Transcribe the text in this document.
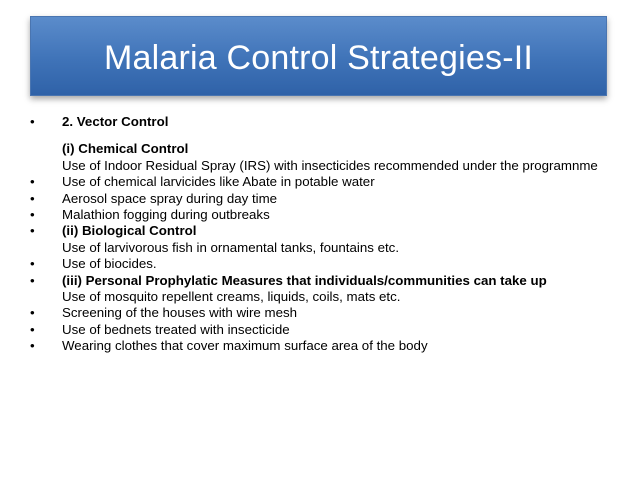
Malaria Control Strategies-II
•	2. Vector Control
(i) Chemical Control
Use of Indoor Residual Spray (IRS) with insecticides recommended under the programnme
•	Use of chemical larvicides like Abate in potable water
•	Aerosol space spray during day time
•	Malathion fogging during outbreaks
•	(ii) Biological Control
Use of larvivorous fish in ornamental tanks, fountains etc.
•	Use of biocides.
•	(iii) Personal Prophylatic Measures that individuals/communities can take up
Use of mosquito repellent creams, liquids, coils, mats etc.
•	Screening of the houses with wire mesh
•	Use of bednets treated with insecticide
•	Wearing clothes that cover maximum surface area of the body
